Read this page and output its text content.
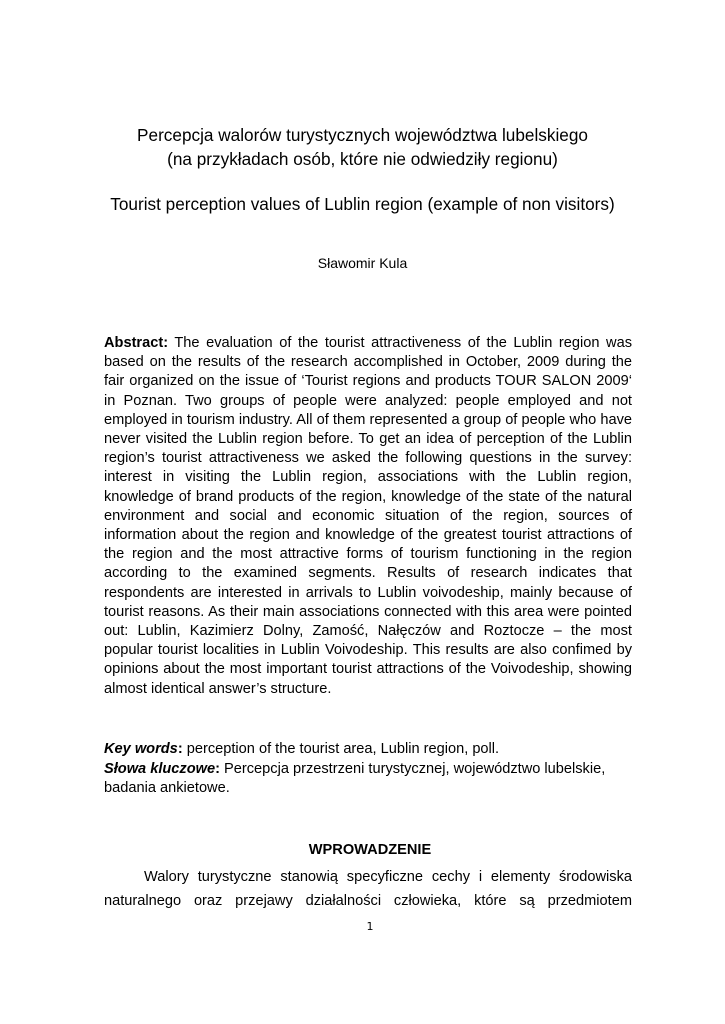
Percepcja walorów turystycznych województwa lubelskiego
(na przykładach osób, które nie odwiedziły regionu)
Tourist perception values of Lublin region (example of non visitors)
Sławomir Kula

Abstract: The evaluation of the tourist attractiveness of the Lublin region was based on the results of the research accomplished in October, 2009 during the fair organized on the issue of ‘Tourist regions and products TOUR SALON 2009‘ in Poznan. Two groups of people were analyzed: people employed and not employed in tourism industry. All of them represented a group of people who have never visited the Lublin region before. To get an idea of perception of the Lublin region’s tourist attractiveness we asked the following questions in the survey: interest in visiting the Lublin region, associations with the Lublin region, knowledge of brand products of the region, knowledge of the state of the natural environment and social and economic situation of the region, sources of information about the region and knowledge of the greatest tourist attractions of the region and the most attractive forms of tourism functioning in the region according to the examined segments. Results of research indicates that respondents are interested in arrivals to Lublin voivodeship, mainly because of tourist reasons. As their main associations connected with this area were pointed out: Lublin, Kazimierz Dolny, Zamość, Nałęczów and Roztocze – the most popular tourist localities in Lublin Voivodeship. This results are also confimed by opinions about the most important tourist attractions of the Voivodeship, showing almost identical answer’s structure.

Key words: perception of the tourist area, Lublin region, poll.

Słowa kluczowe: Percepcja przestrzeni turystycznej, województwo lubelskie, badania ankietowe.

WPROWADZENIE

Walory turystyczne stanowią specyficzne cechy i elementy środowiska naturalnego oraz przejawy działalności człowieka, które są przedmiotem

1
